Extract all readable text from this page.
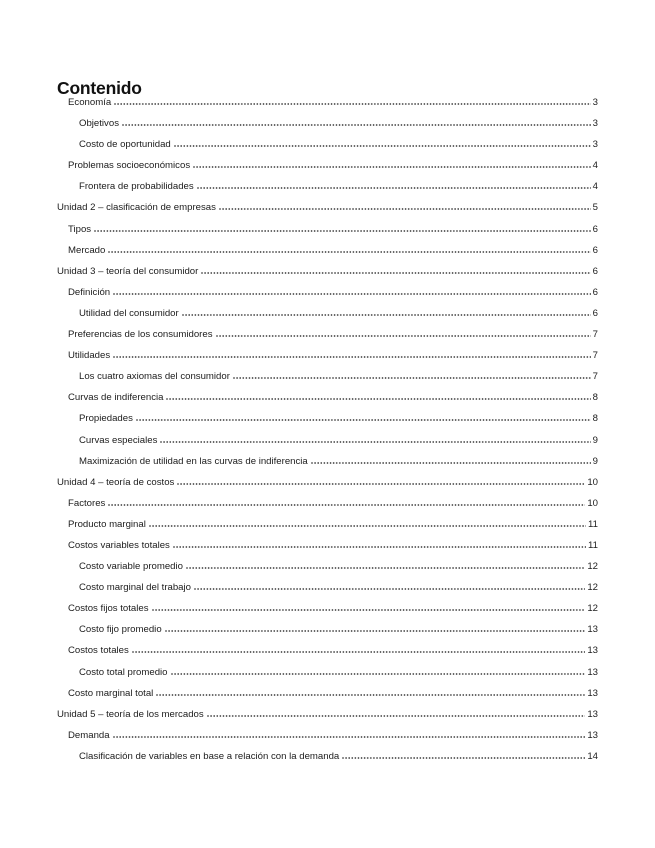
Contenido
Economía	3
Objetivos	3
Costo de oportunidad	3
Problemas socioeconómicos	4
Frontera de probabilidades	4
Unidad 2 – clasificación de empresas	5
Tipos	6
Mercado	6
Unidad 3 – teoría del consumidor	6
Definición	6
Utilidad del consumidor	6
Preferencias de los consumidores	7
Utilidades	7
Los cuatro axiomas del consumidor	7
Curvas de indiferencia	8
Propiedades	8
Curvas especiales	9
Maximización de utilidad en las curvas de indiferencia	9
Unidad 4 – teoría de costos	10
Factores	10
Producto marginal	11
Costos variables totales	11
Costo variable promedio	12
Costo marginal del trabajo	12
Costos fijos totales	12
Costo fijo promedio	13
Costos totales	13
Costo total promedio	13
Costo marginal total	13
Unidad 5 – teoría de los mercados	13
Demanda	13
Clasificación de variables en base a relación con la demanda	14
